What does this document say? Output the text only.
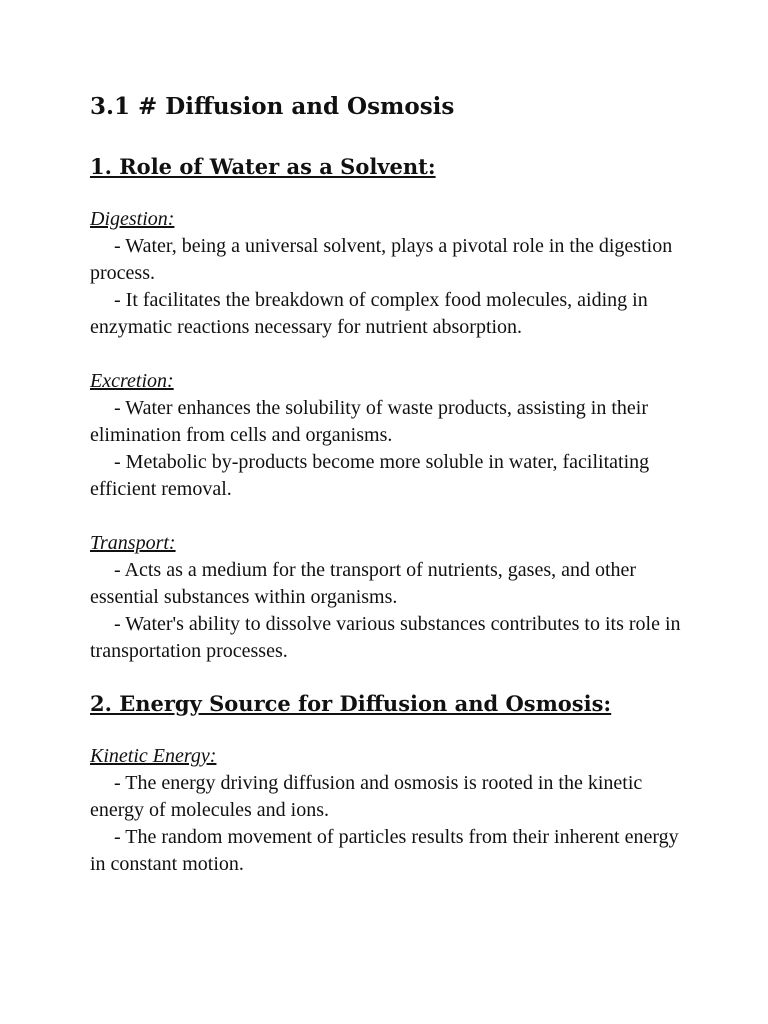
3.1 # Diffusion and Osmosis
1. Role of Water as a Solvent:

Digestion:

- Water, being a universal solvent, plays a pivotal role in the digestion process.

- It facilitates the breakdown of complex food molecules, aiding in enzymatic reactions necessary for nutrient absorption.

Excretion:

- Water enhances the solubility of waste products, assisting in their elimination from cells and organisms.

- Metabolic by-products become more soluble in water, facilitating efficient removal.

Transport:

- Acts as a medium for the transport of nutrients, gases, and other essential substances within organisms.

- Water's ability to dissolve various substances contributes to its role in transportation processes.

2. Energy Source for Diffusion and Osmosis:

Kinetic Energy:

- The energy driving diffusion and osmosis is rooted in the kinetic energy of molecules and ions.

- The random movement of particles results from their inherent energy in constant motion.
